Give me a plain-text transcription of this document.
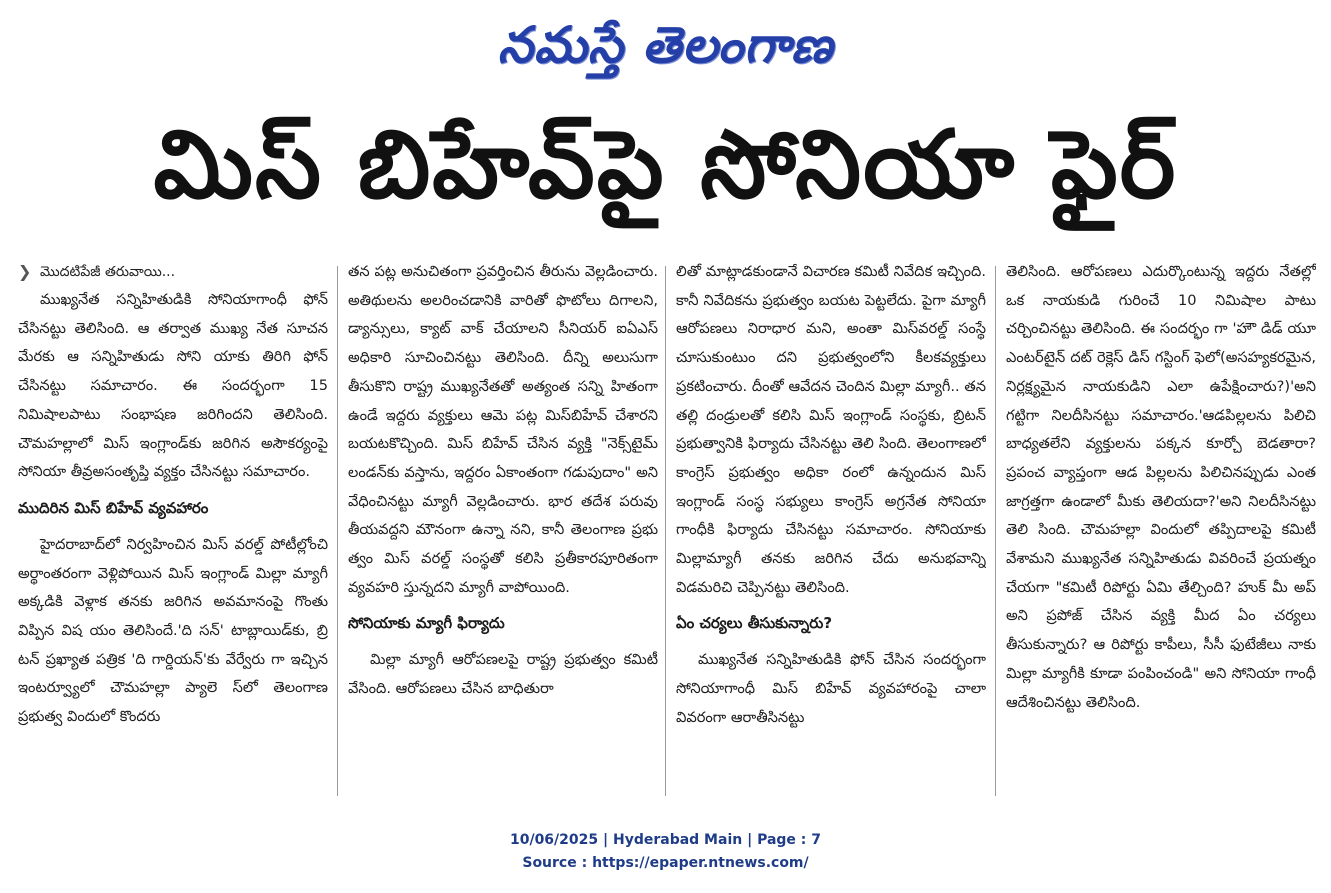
నమస్తే తెలంగాణ
మిస్ బిహేవ్‌పై సోనియా ఫైర్
❯ మొదటిపేజీ తరువాయి...

ముఖ్యనేత సన్నిహితుడికి సోనియాగాంధీ ఫోన్ చేసినట్టు తెలిసింది. ఆ తర్వాత ముఖ్య నేత సూచన మేరకు ఆ సన్నిహితుడు సోని యాకు తిరిగి ఫోన్ చేసినట్టు సమాచారం. ఈ సందర్భంగా 15 నిమిషాలపాటు సంభాషణ జరిగిందని తెలిసింది. చౌమహల్లాలో మిస్ ఇంగ్లాండ్‌కు జరిగిన అసౌకర్యంపై సోనియా తీవ్రఅసంతృప్తి వ్యక్తం చేసినట్టు సమాచారం.

ముదిరిన మిస్ బిహేవ్ వ్యవహారం

హైదరాబాద్‌లో నిర్వహించిన మిస్ వరల్డ్ పోటీల్లోంచి అర్థాంతరంగా వెళ్లిపోయిన మిస్ ఇంగ్లాండ్ మిల్లా మ్యాగీ అక్కడికి వెళ్లాక తనకు జరిగిన అవమానంపై గొంతు విప్పిన విష యం తెలిసిందే.'ది సన్' టాబ్లాయిడ్‌కు, బ్రి టన్ ప్రఖ్యాత పత్రిక 'ది గార్డియన్'కు వేర్వేరు గా ఇచ్చిన ఇంటర్వ్యూలో చౌమహల్లా ప్యాలె స్‌లో తెలంగాణ ప్రభుత్వ విందులో కొందరు

తన పట్ల అనుచితంగా ప్రవర్తించిన తీరును వెల్లడించారు. అతిథులను అలరించడానికి వారితో ఫొటోలు దిగాలని, డ్యాన్సులు, క్యాట్ వాక్ చేయాలని సీనియర్ ఐఏఎస్ అధికారి సూచించినట్టు తెలిసింది. దీన్ని అలుసుగా తీసుకొని రాష్ట్ర ముఖ్యనేతతో అత్యంత సన్ని హితంగా ఉండే ఇద్దరు వ్యక్తులు ఆమె పట్ల మిస్‌బిహేవ్ చేశారని బయటకొచ్చింది. మిస్ బిహేవ్ చేసిన వ్యక్తి "నెక్స్‌టైమ్ లండన్‌కు వస్తాను, ఇద్దరం ఏకాంతంగా గడుపుదాం" అని వేధించినట్టు మ్యాగీ వెల్లడించారు. భార తదేశ పరువు తీయవద్దని మౌనంగా ఉన్నా నని, కానీ తెలంగాణ ప్రభు త్వం మిస్ వరల్డ్ సంస్థతో కలిసి ప్రతీకారపూరితంగా వ్యవహరి స్తున్నదని మ్యాగీ వాపోయింది.

సోనియాకు మ్యాగీ ఫిర్యాదు

మిల్లా మ్యాగీ ఆరోపణలపై రాష్ట్ర ప్రభుత్వం కమిటీ వేసింది. ఆరోపణలు చేసిన బాధితురా

లితో మాట్లాడకుండానే విచారణ కమిటీ నివేదిక ఇచ్చింది. కానీ నివేదికను ప్రభుత్వం బయట పెట్టలేదు. పైగా మ్యాగీ ఆరోపణలు నిరాధార మని, అంతా మిస్‌వరల్డ్ సంస్థే చూసుకుంటుం దని ప్రభుత్వంలోని కీలకవ్యక్తులు ప్రకటించారు. దీంతో ఆవేదన చెందిన మిల్లా మ్యాగీ.. తన తల్లి దండ్రులతో కలిసి మిస్ ఇంగ్లాండ్ సంస్థకు, బ్రిటన్ ప్రభుత్వానికి ఫిర్యాదు చేసినట్టు తెలి సింది. తెలంగాణలో కాంగ్రెస్ ప్రభుత్వం అధికా రంలో ఉన్నందున మిస్ ఇంగ్లాండ్ సంస్థ సభ్యులు కాంగ్రెస్ అగ్రనేత సోనియా గాంధీకి ఫిర్యాదు చేసినట్టు సమాచారం. సోనియాకు మిల్లామ్యాగీ తనకు జరిగిన చేదు అనుభవాన్ని విడమరిచి చెప్పినట్టు తెలిసింది.

ఏం చర్యలు తీసుకున్నారు?

ముఖ్యనేత సన్నిహితుడికి ఫోన్ చేసిన సందర్భంగా సోనియాగాంధీ మిస్ బిహేవ్ వ్యవహారంపై చాలా వివరంగా ఆరాతీసినట్టు

తెలిసింది. ఆరోపణలు ఎదుర్కొంటున్న ఇద్దరు నేతల్లో ఒక నాయకుడి గురించే 10 నిమిషాల పాటు చర్చించినట్టు తెలిసింది. ఈ సందర్భం గా 'హౌ డిడ్ యూ ఎంటర్‌టైన్ దట్ రెక్లెస్ డిస్ గస్టింగ్ ఫెలో(అసహ్యకరమైన, నిర్లక్ష్యమైన నాయకుడిని ఎలా ఉపేక్షించారు?)'అని గట్టిగా నిలదీసినట్టు సమాచారం.'ఆడపిల్లలను పిలిచి బాధ్యతలేని వ్యక్తులను పక్కన కూర్చో బెడతారా? ప్రపంచ వ్యాప్తంగా ఆడ పిల్లలను పిలిచినప్పుడు ఎంత జాగ్రత్తగా ఉండాలో మీకు తెలియదా?'అని నిలదీసినట్టు తెలి సింది. చౌమహల్లా విందులో తప్పిదాలపై కమిటీ వేశామని ముఖ్యనేత సన్నిహితుడు వివరించే ప్రయత్నం చేయగా "కమిటీ రిపోర్టు ఏమి తేల్చింది? హుక్ మీ అప్ అని ప్రపోజ్ చేసిన వ్యక్తి మీద ఏం చర్యలు తీసుకున్నారు? ఆ రిపోర్టు కాపీలు, సీసీ ఫుటేజీలు నాకు మిల్లా మ్యాగీకి కూడా పంపించండి" అని సోనియా గాంధీ ఆదేశించినట్టు తెలిసింది.

10/06/2025 | Hyderabad Main | Page : 7
Source : https://epaper.ntnews.com/
